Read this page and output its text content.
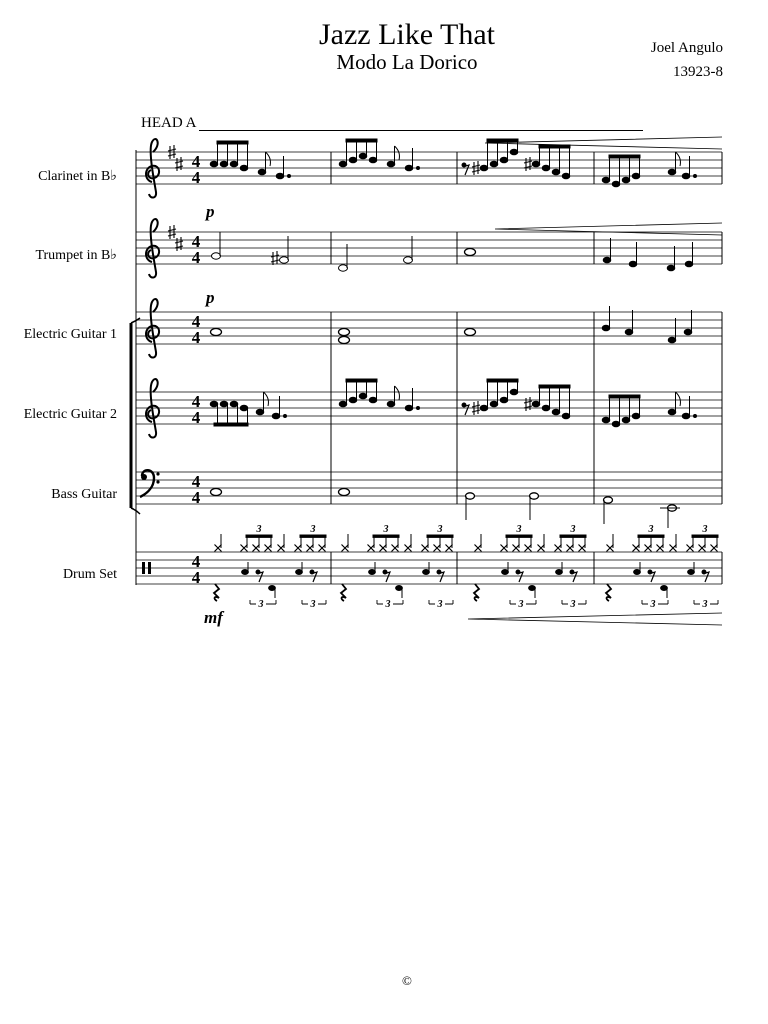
Jazz Like That
Modo La Dorico
Joel Angulo
13923-8
HEAD A
Clarinet in B♭
Trumpet in B♭
Electric Guitar 1
Electric Guitar 2
Bass Guitar
Drum Set
p
p
mf
©
4
4
4
4
4
4
4
4
4
4
4
4
3	3
3	3
3	3
3	3
3	3
3	3
3	3
3	3
